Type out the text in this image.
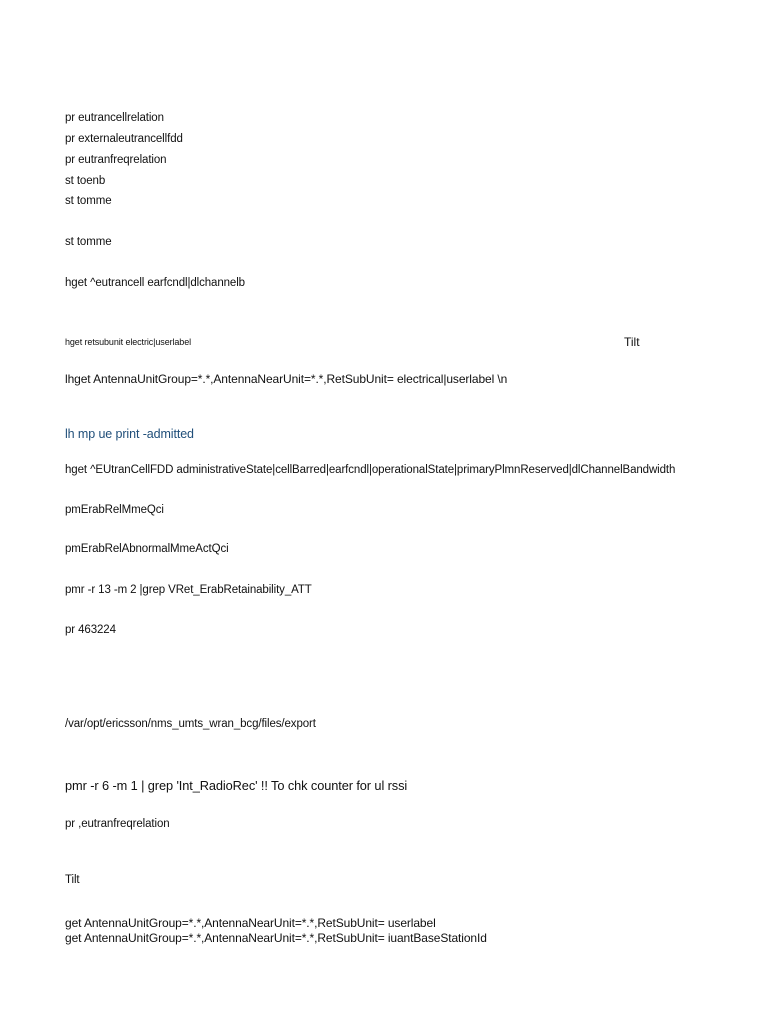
pr eutrancellrelation
pr externaleutrancellfdd
pr eutranfreqrelation
st toenb
st tomme
st tomme
hget ^eutrancell earfcndl|dlchannelb
hget retsubunit electric|userlabel	Tilt
lhget AntennaUnitGroup=*.*,AntennaNearUnit=*.*,RetSubUnit= electrical|userlabel \n
lh mp ue print -admitted
hget ^EUtranCellFDD administrativeState|cellBarred|earfcndl|operationalState|primaryPlmnReserved|dlChannelBandwidth
pmErabRelMmeQci
pmErabRelAbnormalMmeActQci
pmr -r 13 -m 2 |grep VRet_ErabRetainability_ATT
pr 463224
/var/opt/ericsson/nms_umts_wran_bcg/files/export
pmr -r 6 -m 1 | grep 'Int_RadioRec' !! To chk counter for ul rssi
pr ,eutranfreqrelation
Tilt
get AntennaUnitGroup=*.*,AntennaNearUnit=*.*,RetSubUnit= userlabel
get AntennaUnitGroup=*.*,AntennaNearUnit=*.*,RetSubUnit= iuantBaseStationId
